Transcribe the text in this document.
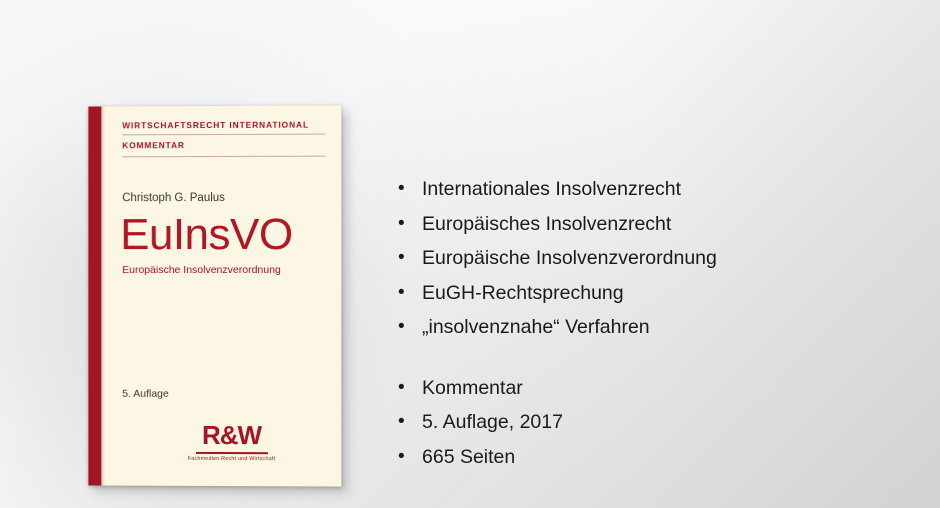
WIRTSCHAFTSRECHT INTERNATIONAL
KOMMENTAR
Christoph G. Paulus
EuInsVO
Europäische Insolvenzverordnung
5. Auflage
R&W
Fachmedien Recht und Wirtschaft
• Internationales Insolvenzrecht
• Europäisches Insolvenzrecht
• Europäische Insolvenzverordnung
• EuGH-Rechtsprechung
• „insolvenznahe“ Verfahren
• Kommentar
• 5. Auflage, 2017
• 665 Seiten
